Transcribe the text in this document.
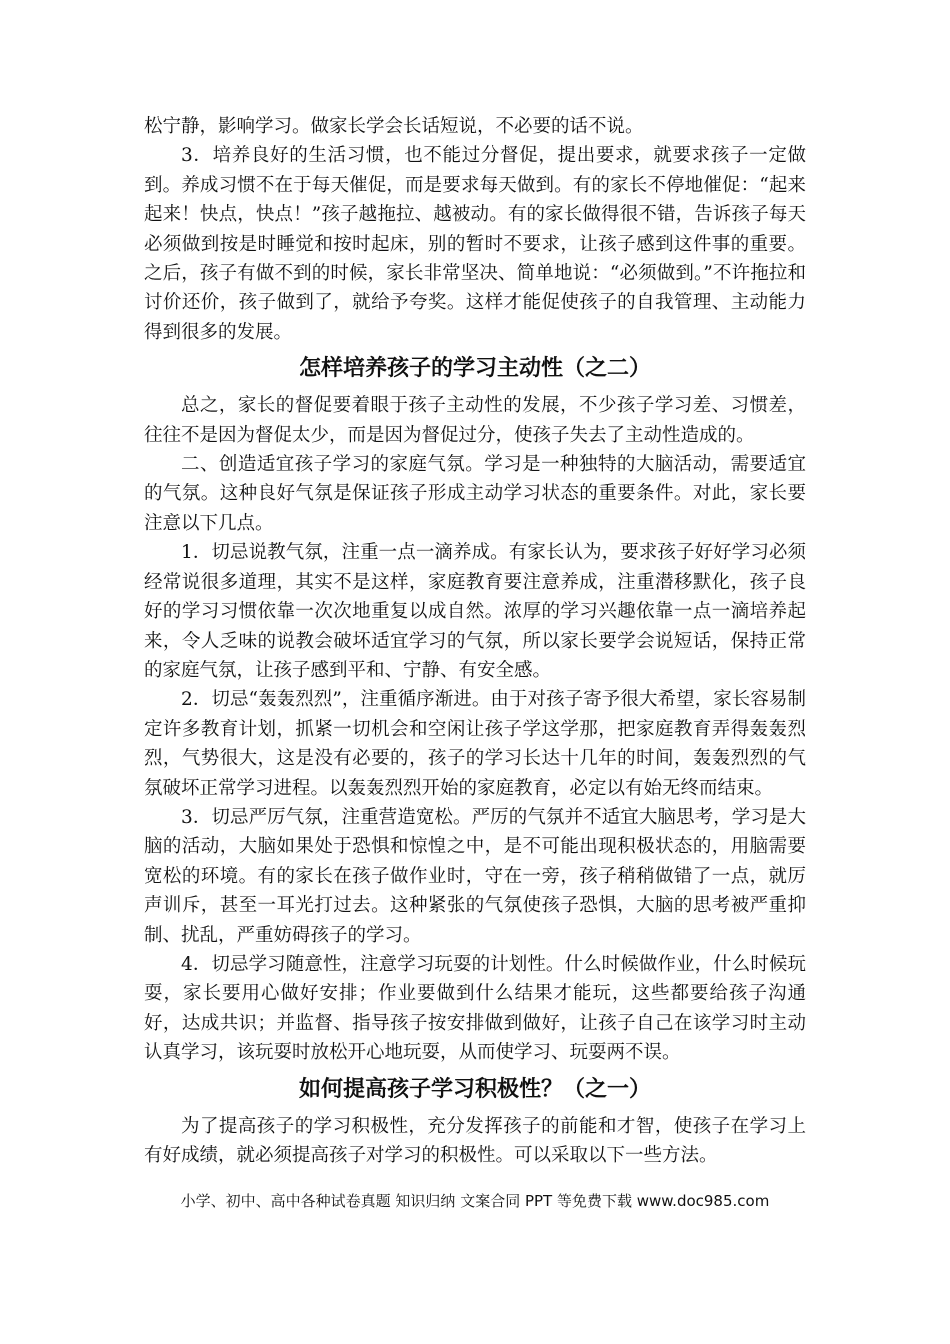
松宁静，影响学习。做家长学会长话短说，不必要的话不说。

3．培养良好的生活习惯，也不能过分督促，提出要求，就要求孩子一定做到。养成习惯不在于每天催促，而是要求每天做到。有的家长不停地催促：“起来起来！快点，快点！”孩子越拖拉、越被动。有的家长做得很不错，告诉孩子每天必须做到按是时睡觉和按时起床，别的暂时不要求，让孩子感到这件事的重要。之后，孩子有做不到的时候，家长非常坚决、简单地说：“必须做到。”不许拖拉和讨价还价，孩子做到了，就给予夸奖。这样才能促使孩子的自我管理、主动能力得到很多的发展。

怎样培养孩子的学习主动性（之二）

总之，家长的督促要着眼于孩子主动性的发展，不少孩子学习差、习惯差，往往不是因为督促太少，而是因为督促过分，使孩子失去了主动性造成的。

二、创造适宜孩子学习的家庭气氛。学习是一种独特的大脑活动，需要适宜的气氛。这种良好气氛是保证孩子形成主动学习状态的重要条件。对此，家长要注意以下几点。

1．切忌说教气氛，注重一点一滴养成。有家长认为，要求孩子好好学习必须经常说很多道理，其实不是这样，家庭教育要注意养成，注重潜移默化，孩子良好的学习习惯依靠一次次地重复以成自然。浓厚的学习兴趣依靠一点一滴培养起来，令人乏味的说教会破坏适宜学习的气氛，所以家长要学会说短话，保持正常的家庭气氛，让孩子感到平和、宁静、有安全感。

2．切忌“轰轰烈烈”，注重循序渐进。由于对孩子寄予很大希望，家长容易制定许多教育计划，抓紧一切机会和空闲让孩子学这学那，把家庭教育弄得轰轰烈烈，气势很大，这是没有必要的，孩子的学习长达十几年的时间，轰轰烈烈的气氛破坏正常学习进程。以轰轰烈烈开始的家庭教育，必定以有始无终而结束。

3．切忌严厉气氛，注重营造宽松。严厉的气氛并不适宜大脑思考，学习是大脑的活动，大脑如果处于恐惧和惊惶之中，是不可能出现积极状态的，用脑需要宽松的环境。有的家长在孩子做作业时，守在一旁，孩子稍稍做错了一点，就厉声训斥，甚至一耳光打过去。这种紧张的气氛使孩子恐惧，大脑的思考被严重抑制、扰乱，严重妨碍孩子的学习。

4．切忌学习随意性，注意学习玩耍的计划性。什么时候做作业，什么时候玩耍，家长要用心做好安排；作业要做到什么结果才能玩，这些都要给孩子沟通好，达成共识；并监督、指导孩子按安排做到做好，让孩子自己在该学习时主动认真学习，该玩耍时放松开心地玩耍，从而使学习、玩耍两不误。

如何提高孩子学习积极性？（之一）

为了提高孩子的学习积极性，充分发挥孩子的前能和才智，使孩子在学习上有好成绩，就必须提高孩子对学习的积极性。可以采取以下一些方法。

小学、初中、高中各种试卷真题 知识归纳 文案合同 PPT 等免费下载 www.doc985.com
